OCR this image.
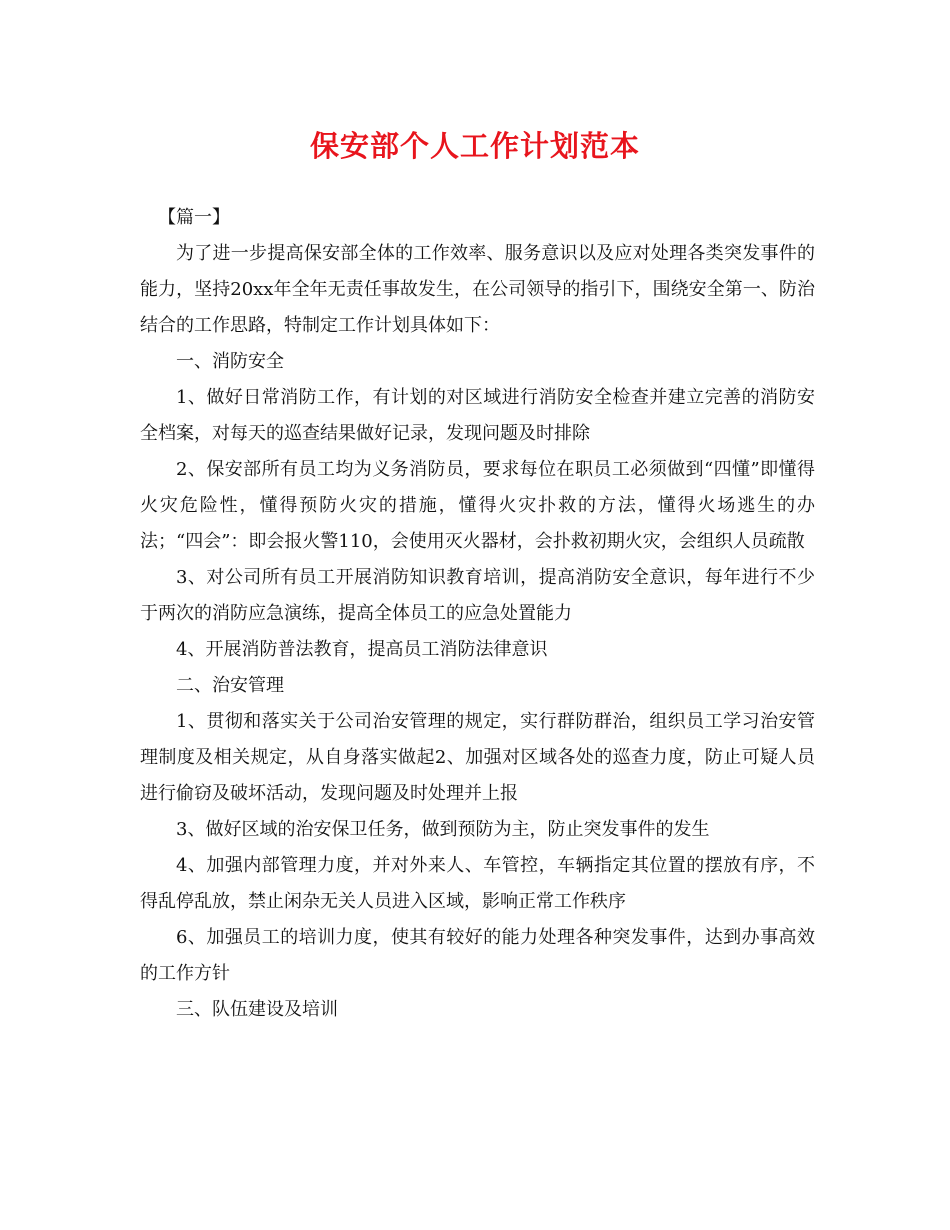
保安部个人工作计划范本

【篇一】

为了进一步提高保安部全体的工作效率、服务意识以及应对处理各类突发事件的能力，坚持20xx年全年无责任事故发生，在公司领导的指引下，围绕安全第一、防治结合的工作思路，特制定工作计划具体如下：

一、消防安全

1、做好日常消防工作，有计划的对区域进行消防安全检查并建立完善的消防安全档案，对每天的巡查结果做好记录，发现问题及时排除

2、保安部所有员工均为义务消防员，要求每位在职员工必须做到“四懂”即懂得火灾危险性，懂得预防火灾的措施，懂得火灾扑救的方法，懂得火场逃生的办法；“四会”：即会报火警110，会使用灭火器材，会扑救初期火灾，会组织人员疏散

3、对公司所有员工开展消防知识教育培训，提高消防安全意识，每年进行不少于两次的消防应急演练，提高全体员工的应急处置能力

4、开展消防普法教育，提高员工消防法律意识

二、治安管理

1、贯彻和落实关于公司治安管理的规定，实行群防群治，组织员工学习治安管理制度及相关规定，从自身落实做起2、加强对区域各处的巡查力度，防止可疑人员进行偷窃及破坏活动，发现问题及时处理并上报

3、做好区域的治安保卫任务，做到预防为主，防止突发事件的发生

4、加强内部管理力度，并对外来人、车管控，车辆指定其位置的摆放有序，不得乱停乱放，禁止闲杂无关人员进入区域，影响正常工作秩序

6、加强员工的培训力度，使其有较好的能力处理各种突发事件，达到办事高效的工作方针

三、队伍建设及培训
